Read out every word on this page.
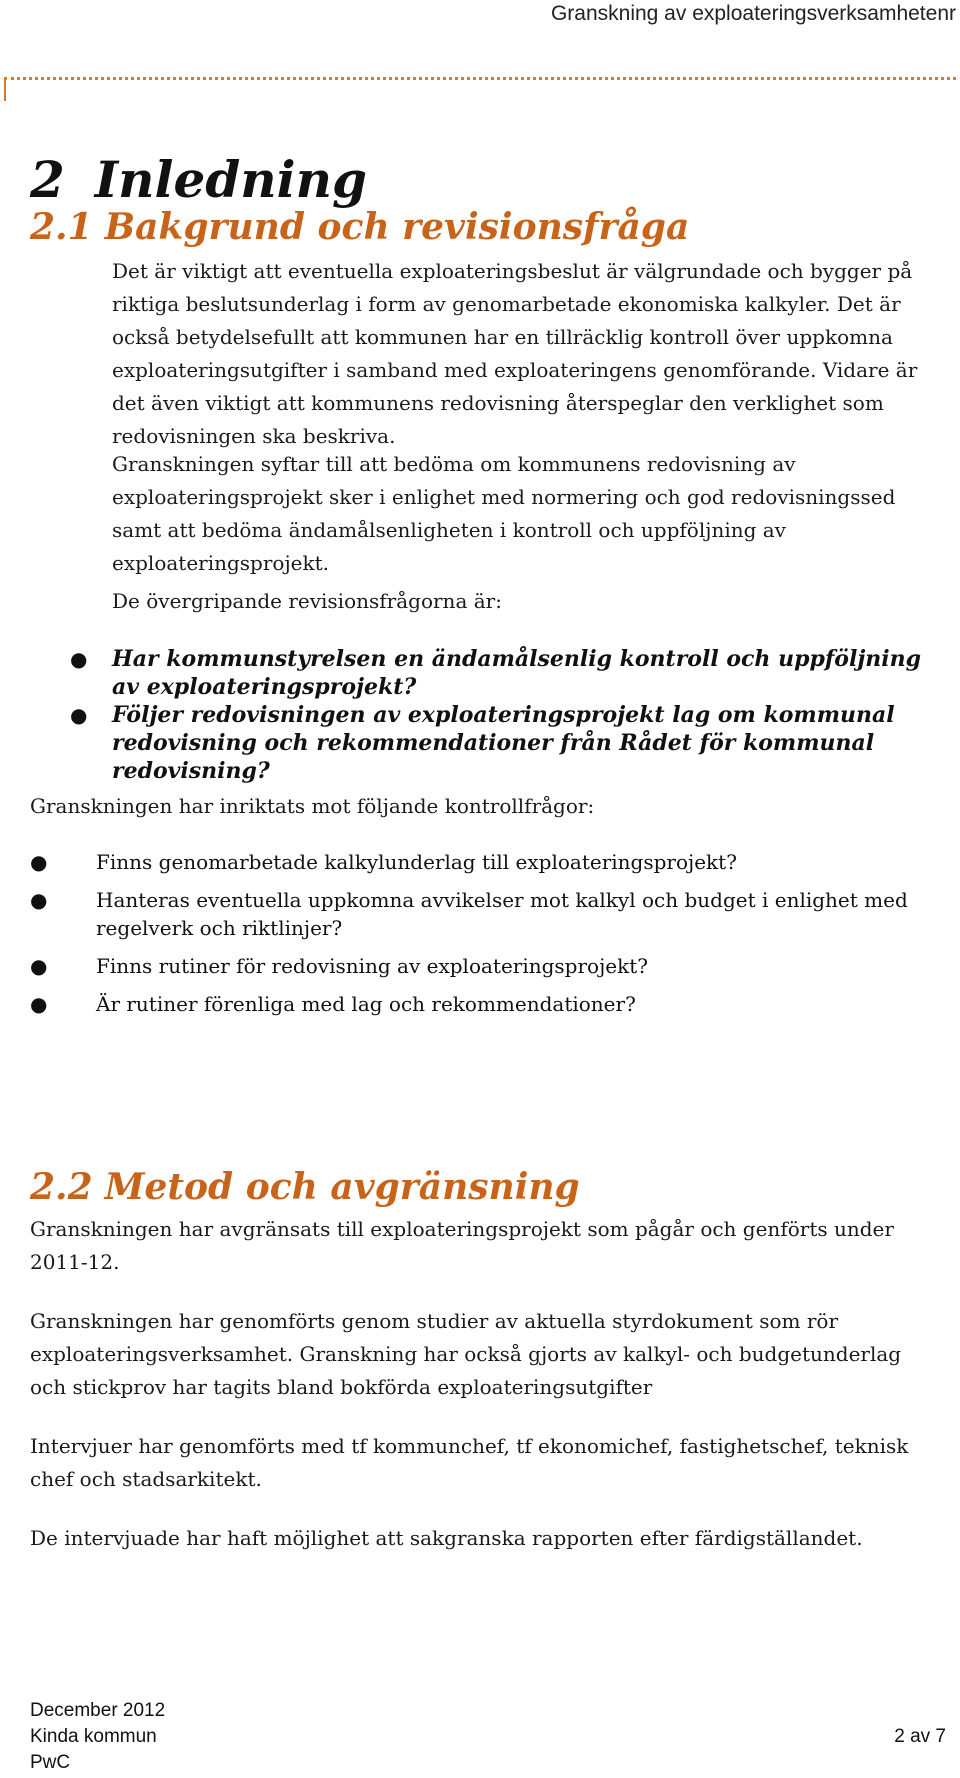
Granskning av exploateringsverksamhetenr
2 Inledning
2.1 Bakgrund och revisionsfråga

Det är viktigt att eventuella exploateringsbeslut är välgrundade och bygger på riktiga beslutsunderlag i form av genomarbetade ekonomiska kalkyler. Det är också betydelsefullt att kommunen har en tillräcklig kontroll över uppkomna exploateringsutgifter i samband med exploateringens genomförande. Vidare är det även viktigt att kommunens redovisning återspeglar den verklighet som redovisningen ska beskriva.

Granskningen syftar till att bedöma om kommunens redovisning av exploateringsprojekt sker i enlighet med normering och god redovisningssed samt att bedöma ändamålsenligheten i kontroll och uppföljning av exploateringsprojekt.

De övergripande revisionsfrågorna är:

● Har kommunstyrelsen en ändamålsenlig kontroll och uppföljning av exploateringsprojekt?
● Följer redovisningen av exploateringsprojekt lag om kommunal redovisning och rekommendationer från Rådet för kommunal redovisning?

Granskningen har inriktats mot följande kontrollfrågor:

● Finns genomarbetade kalkylunderlag till exploateringsprojekt?
● Hanteras eventuella uppkomna avvikelser mot kalkyl och budget i enlighet med regelverk och riktlinjer?
● Finns rutiner för redovisning av exploateringsprojekt?
● Är rutiner förenliga med lag och rekommendationer?
2.2 Metod och avgränsning

Granskningen har avgränsats till exploateringsprojekt som pågår och genförts under 2011-12.

Granskningen har genomförts genom studier av aktuella styrdokument som rör exploateringsverksamhet. Granskning har också gjorts av kalkyl- och budgetunderlag och stickprov har tagits bland bokförda exploateringsutgifter

Intervjuer har genomförts med tf kommunchef, tf ekonomichef, fastighetschef, teknisk chef och stadsarkitekt.

De intervjuade har haft möjlighet att sakgranska rapporten efter färdigställandet.

December 2012
Kinda kommun
PwC
2 av 7
